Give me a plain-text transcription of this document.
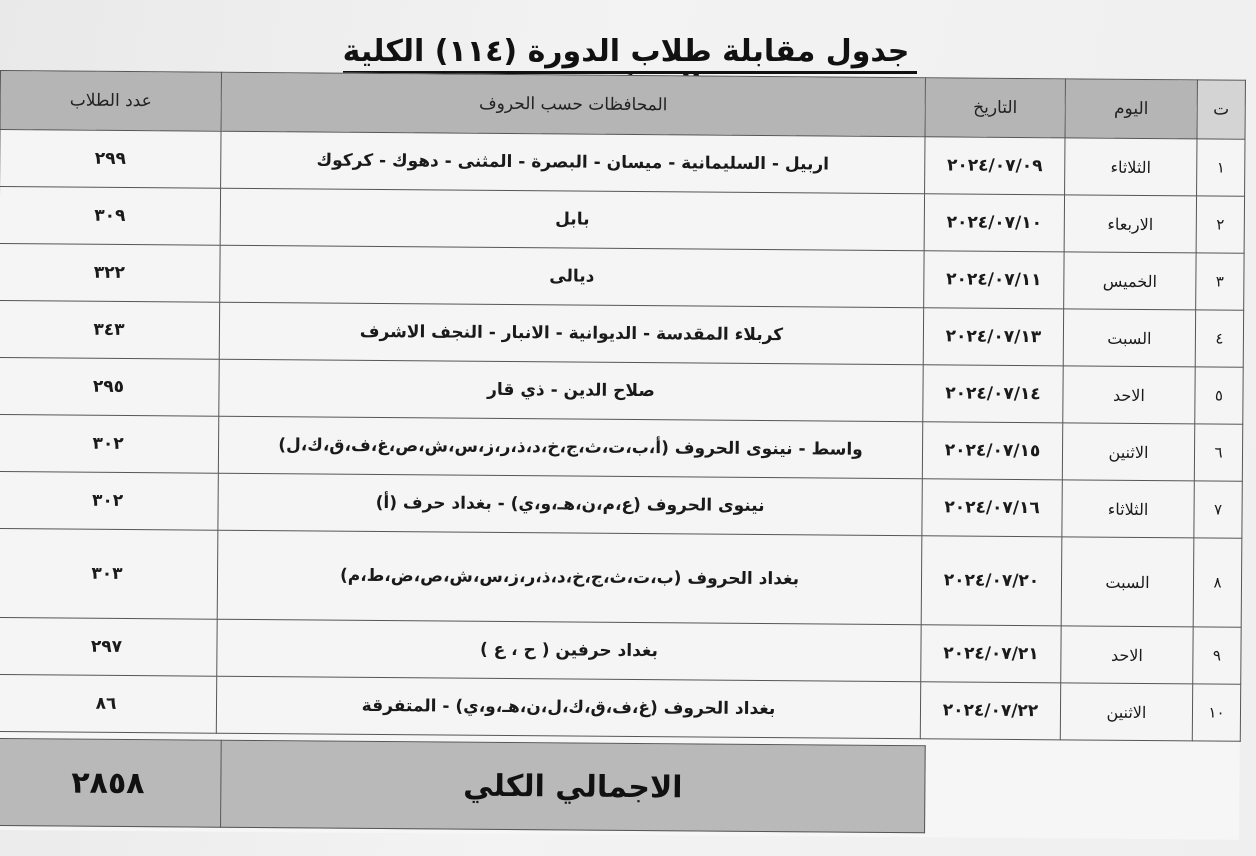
جدول مقابلة طلاب الدورة (١١٤) الكلية
ت	اليوم	التاريخ	المحافظات حسب الحروف	عدد الطلاب
١	الثلاثاء	٢٠٢٤/٠٧/٠٩	اربيل - السليمانية - ميسان - البصرة - المثنى - دهوك - كركوك	٢٩٩
٢	الاربعاء	٢٠٢٤/٠٧/١٠	بابل	٣٠٩
٣	الخميس	٢٠٢٤/٠٧/١١	ديالى	٣٢٢
٤	السبت	٢٠٢٤/٠٧/١٣	كربلاء المقدسة - الديوانية - الانبار - النجف الاشرف	٣٤٣
٥	الاحد	٢٠٢٤/٠٧/١٤	صلاح الدين - ذي قار	٢٩٥
٦	الاثنين	٢٠٢٤/٠٧/١٥	واسط - نينوى الحروف (أ،ب،ت،ث،ج،خ،د،ذ،ر،ز،س،ش،ص،غ،ف،ق،ك،ل)	٣٠٢
٧	الثلاثاء	٢٠٢٤/٠٧/١٦	نينوى الحروف (ع،م،ن،هـ،و،ي) - بغداد حرف (أ)	٣٠٢
٨	السبت	٢٠٢٤/٠٧/٢٠	بغداد الحروف (ب،ت،ث،ج،خ،د،ذ،ر،ز،س،ش،ص،ض،ط،م)	٣٠٣
٩	الاحد	٢٠٢٤/٠٧/٢١	بغداد حرفين ( ح ، ع )	٢٩٧
١٠	الاثنين	٢٠٢٤/٠٧/٢٢	بغداد الحروف (غ،ف،ق،ك،ل،ن،هـ،و،ي) - المتفرقة	٨٦
الاجمالي الكلي	٢٨٥٨
